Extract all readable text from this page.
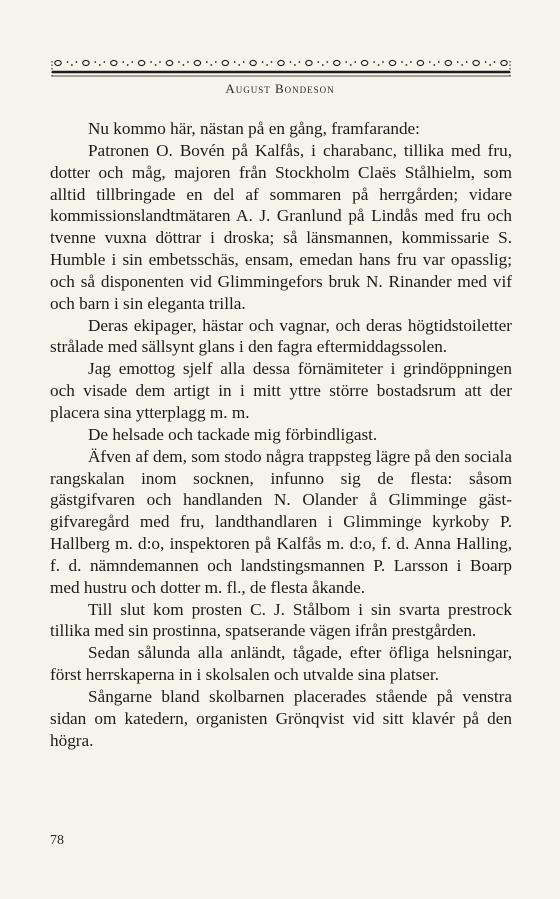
August Bondeson

Nu kommo här, nästan på en gång, framfarande:

Patronen O. Bovén på Kalfås, i charabanc, tillika med fru, dotter och måg, majoren från Stockholm Claës Stålhielm, som alltid tillbringade en del af sommaren på herrgården; vidare kommissionslandtmätaren A. J. Granlund på Lindås med fru och tvenne vuxna döttrar i droska; så länsmannen, kommissarie S. Humble i sin embetsschäs, ensam, emedan hans fru var opasslig; och så disponenten vid Glimmingefors bruk N. Rinander med vif och barn i sin eleganta trilla.

Deras ekipager, hästar och vagnar, och deras högtidstoiletter strålade med sällsynt glans i den fagra eftermiddagssolen.

Jag emottog sjelf alla dessa förnämiteter i grindöppningen och visade dem artigt in i mitt yttre större bostadsrum att der placera sina ytterplagg m. m.

De helsade och tackade mig förbindligast.

Äfven af dem, som stodo några trappsteg lägre på den sociala rangskalan inom socknen, infunno sig de flesta: såsom gästgifvaren och handlanden N. Olander å Glimminge gästgifvaregård med fru, landthandlaren i Glimminge kyrkoby P. Hallberg m. d:o, inspektoren på Kalfås m. d:o, f. d. Anna Halling, f. d. nämndemannen och landstingsmannen P. Larsson i Boarp med hustru och dotter m. fl., de flesta åkande.

Till slut kom prosten C. J. Stålbom i sin svarta prestrock tillika med sin prostinna, spatserande vägen ifrån prestgården.

Sedan sålunda alla anländt, tågade, efter öfliga helsningar, först herrskaperna in i skolsalen och utvalde sina platser.

Sångarne bland skolbarnen placerades stående på venstra sidan om katedern, organisten Grönqvist vid sitt klavér på den högra.

78
